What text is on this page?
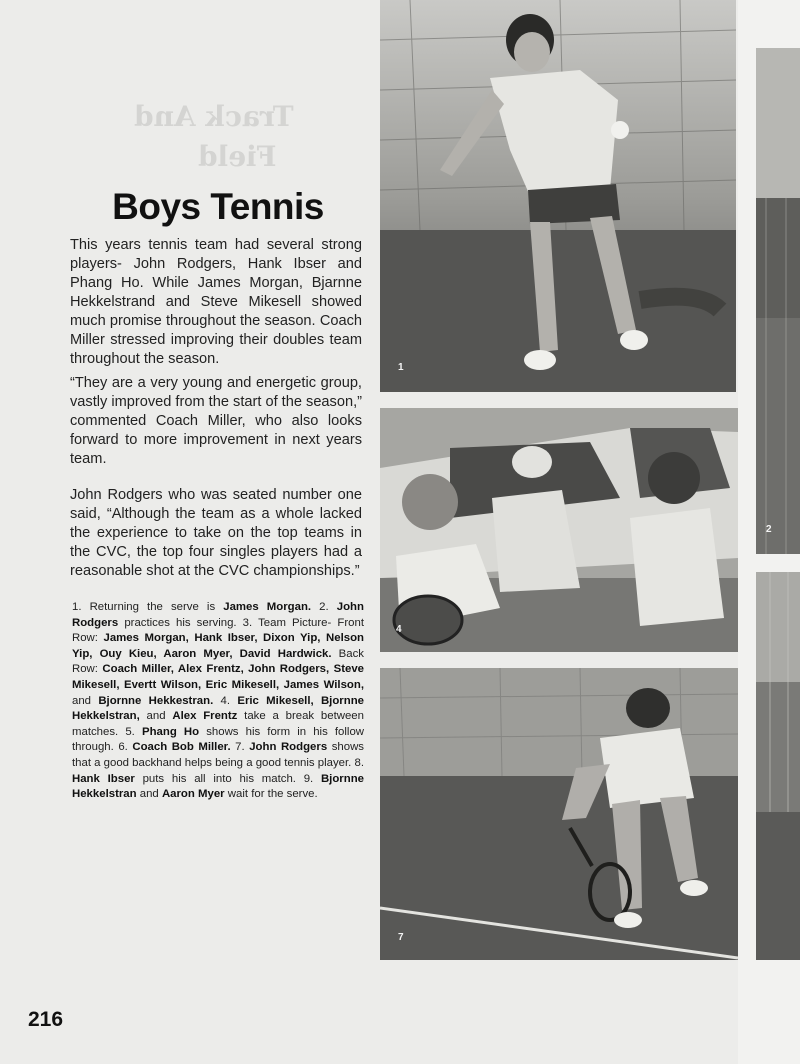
Track And
Field
Boys Tennis

This years tennis team had several strong players- John Rodgers, Hank Ibser and Phang Ho. While James Morgan, Bjarnne Hekkelstrand and Steve Mikesell showed much promise throughout the season. Coach Miller stressed improving their doubles team throughout the season.

“They are a very young and energetic group, vastly improved from the start of the season,” commented Coach Miller, who also looks forward to more improvement in next years team.

John Rodgers who was seated number one said, “Although the team as a whole lacked the experience to take on the top teams in the CVC, the top four singles players had a reasonable shot at the CVC championships.”

1. Returning the serve is James Morgan. 2. John Rodgers practices his serving. 3. Team Picture- Front Row: James Morgan, Hank Ibser, Dixon Yip, Nelson Yip, Ouy Kieu, Aaron Myer, David Hardwick. Back Row: Coach Miller, Alex Frentz, John Rodgers, Steve Mikesell, Evertt Wilson, Eric Mikesell, James Wilson, and Bjornne Hekkestran. 4. Eric Mikesell, Bjornne Hekkelstran, and Alex Frentz take a break between matches. 5. Phang Ho shows his form in his follow through. 6. Coach Bob Miller. 7. John Rodgers shows that a good backhand helps being a good tennis player. 8. Hank Ibser puts his all into his match. 9. Bjornne Hekkelstran and Aaron Myer wait for the serve.

216
1
2
4
7
